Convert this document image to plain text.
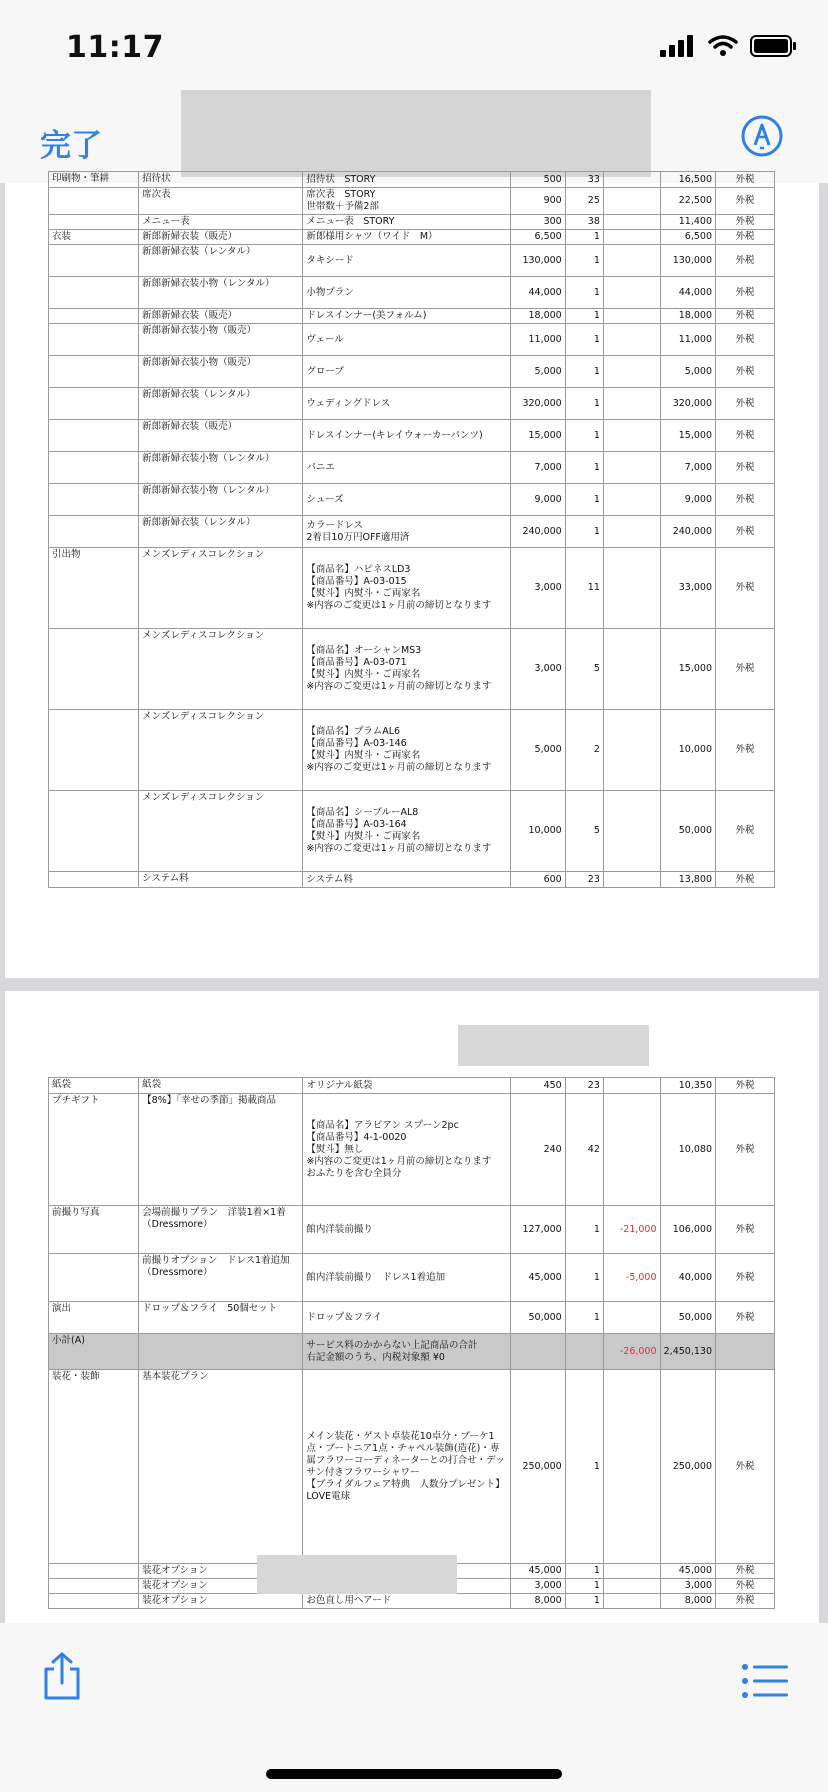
11:17
完了
印刷物・筆耕	招待状	招待状　STORY	500	33		16,500	外税
	席次表	席次表　STORY
世帯数＋予備2部	900	25		22,500	外税
	メニュー表	メニュー表　STORY	300	38		11,400	外税
衣装	新郎新婦衣装（販売）	新郎様用シャツ（ワイド　M）	6,500	1		6,500	外税
	新郎新婦衣装（レンタル）	タキシード	130,000	1		130,000	外税
	新郎新婦衣装小物（レンタル）	小物プラン	44,000	1		44,000	外税
	新郎新婦衣装（販売）	ドレスインナー(美フォルム)	18,000	1		18,000	外税
	新郎新婦衣装小物（販売）	ヴェール	11,000	1		11,000	外税
	新郎新婦衣装小物（販売）	グローブ	5,000	1		5,000	外税
	新郎新婦衣装（レンタル）	ウェディングドレス	320,000	1		320,000	外税
	新郎新婦衣装（販売）	ドレスインナー(キレイウォーカーパンツ)	15,000	1		15,000	外税
	新郎新婦衣装小物（レンタル）	パニエ	7,000	1		7,000	外税
	新郎新婦衣装小物（レンタル）	シューズ	9,000	1		9,000	外税
	新郎新婦衣装（レンタル）	カラードレス
2着目10万円OFF適用済	240,000	1		240,000	外税
引出物	メンズレディスコレクション	【商品名】ハピネスLD3
【商品番号】A-03-015
【熨斗】内熨斗・ご両家名
※内容のご変更は1ヶ月前の締切となります	3,000	11		33,000	外税
	メンズレディスコレクション	【商品名】オーシャンMS3
【商品番号】A-03-071
【熨斗】内熨斗・ご両家名
※内容のご変更は1ヶ月前の締切となります	3,000	5		15,000	外税
	メンズレディスコレクション	【商品名】プラムAL6
【商品番号】A-03-146
【熨斗】内熨斗・ご両家名
※内容のご変更は1ヶ月前の締切となります	5,000	2		10,000	外税
	メンズレディスコレクション	【商品名】シーブルーAL8
【商品番号】A-03-164
【熨斗】内熨斗・ご両家名
※内容のご変更は1ヶ月前の締切となります	10,000	5		50,000	外税
	システム料	システム料	600	23		13,800	外税
紙袋	紙袋	オリジナル紙袋	450	23		10,350	外税
プチギフト	【8%】「幸せの季節」掲載商品	【商品名】アラビアン スプーン2pc
【商品番号】4-1-0020
【熨斗】無し
※内容のご変更は1ヶ月前の締切となります
おふたりを含む全員分	240	42		10,080	外税
前撮り写真	会場前撮りプラン　洋装1着×1着（Dressmore）	館内洋装前撮り	127,000	1	-21,000	106,000	外税
	前撮りオプション　ドレス1着追加（Dressmore）	館内洋装前撮り　ドレス1着追加	45,000	1	-5,000	40,000	外税
演出	ドロップ＆フライ　50個セット	ドロップ＆フライ	50,000	1		50,000	外税
小計(A)		サービス料のかからない上記商品の合計
右記金額のうち、内税対象額 ¥0			-26,000	2,450,130	
装花・装飾	基本装花プラン	メイン装花・ゲスト卓装花10卓分・ブーケ1点・ブートニア1点・チャペル装飾(造花)・専属フラワーコーディネーターとの打合せ・デッサン付きフラワーシャワー
【ブライダルフェア特典　人数分プレゼント】
LOVE電球	250,000	1		250,000	外税
	装花オプション		45,000	1		45,000	外税
	装花オプション		3,000	1		3,000	外税
	装花オプション	お色直し用ヘアード	8,000	1		8,000	外税
